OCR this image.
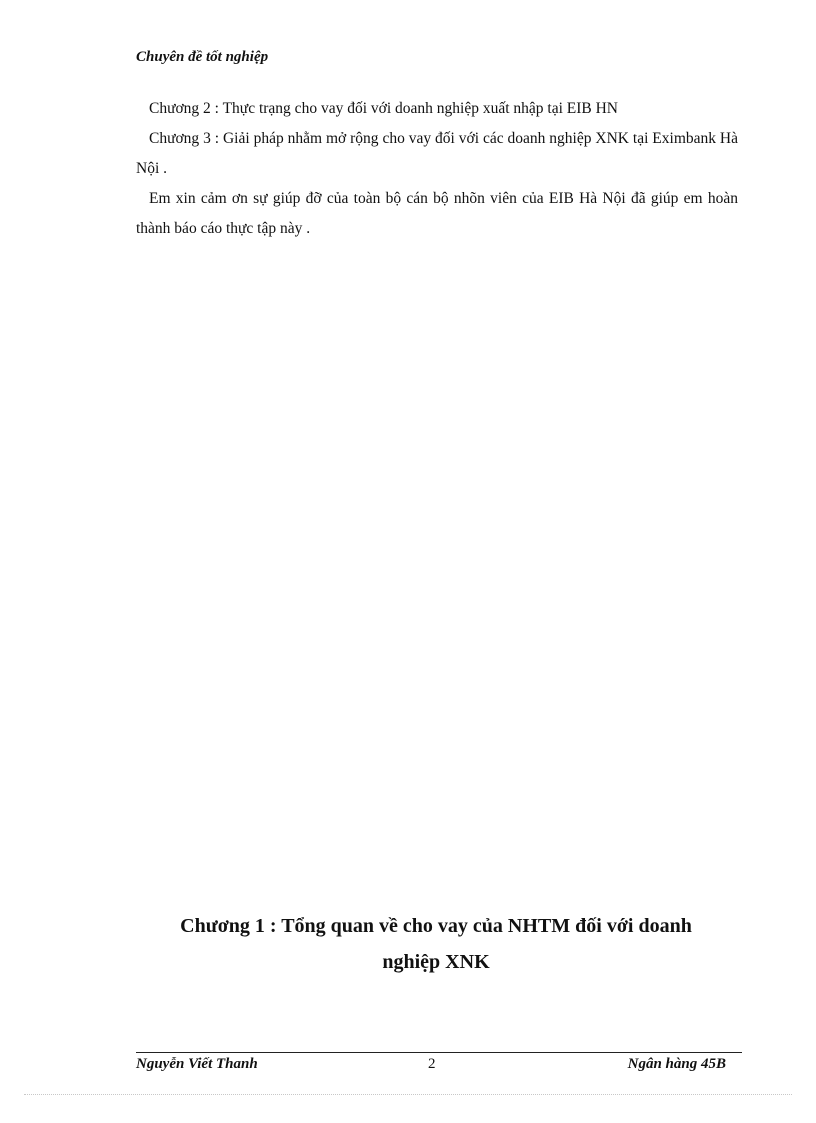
Chuyên đề tốt nghiệp

Chương 2 : Thực trạng cho vay đối với doanh nghiệp xuất nhập tại EIB HN

Chương 3 : Giải pháp nhằm mở rộng cho vay đối với các doanh nghiệp XNK tại Eximbank Hà Nội .

Em xin cảm ơn sự giúp đỡ của toàn bộ cán bộ nhõn viên của EIB Hà Nội đã giúp em hoàn thành báo cáo thực tập này .

Chương 1 : Tổng quan về cho vay của NHTM đối với doanh
nghiệp XNK
Nguyễn Viết Thanh	2	Ngân hàng 45B
